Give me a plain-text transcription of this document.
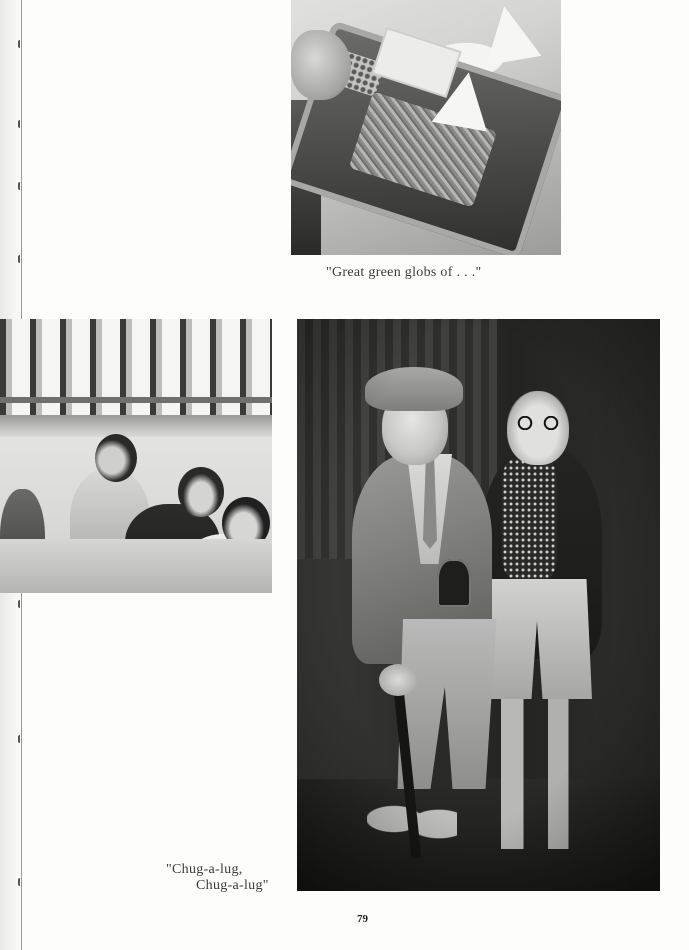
"Great green globs of . . ."
"Chug-a-lug,
Chug-a-lug"
79
